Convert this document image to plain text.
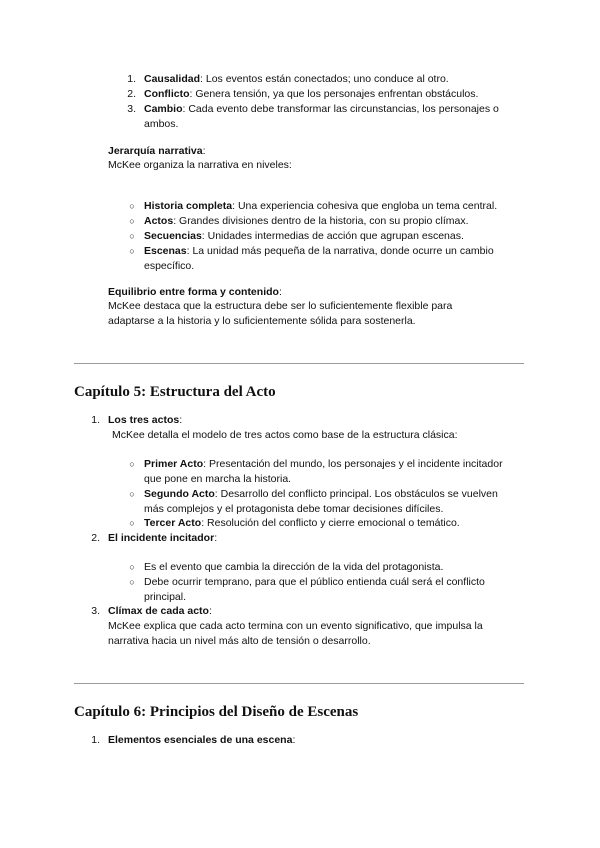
1. Causalidad: Los eventos están conectados; uno conduce al otro.
2. Conflicto: Genera tensión, ya que los personajes enfrentan obstáculos.
3. Cambio: Cada evento debe transformar las circunstancias, los personajes o
ambos.
Jerarquía narrativa:
McKee organiza la narrativa en niveles:
○ Historia completa: Una experiencia cohesiva que engloba un tema central.
○ Actos: Grandes divisiones dentro de la historia, con su propio clímax.
○ Secuencias: Unidades intermedias de acción que agrupan escenas.
○ Escenas: La unidad más pequeña de la narrativa, donde ocurre un cambio
específico.
Equilibrio entre forma y contenido:
McKee destaca que la estructura debe ser lo suficientemente flexible para
adaptarse a la historia y lo suficientemente sólida para sostenerla.
Capítulo 5: Estructura del Acto
1. Los tres actos:
McKee detalla el modelo de tres actos como base de la estructura clásica:
○ Primer Acto: Presentación del mundo, los personajes y el incidente incitador
que pone en marcha la historia.
○ Segundo Acto: Desarrollo del conflicto principal. Los obstáculos se vuelven
más complejos y el protagonista debe tomar decisiones difíciles.
○ Tercer Acto: Resolución del conflicto y cierre emocional o temático.
2. El incidente incitador:
○ Es el evento que cambia la dirección de la vida del protagonista.
○ Debe ocurrir temprano, para que el público entienda cuál será el conflicto
principal.
3. Clímax de cada acto:
McKee explica que cada acto termina con un evento significativo, que impulsa la
narrativa hacia un nivel más alto de tensión o desarrollo.
Capítulo 6: Principios del Diseño de Escenas
1. Elementos esenciales de una escena:
